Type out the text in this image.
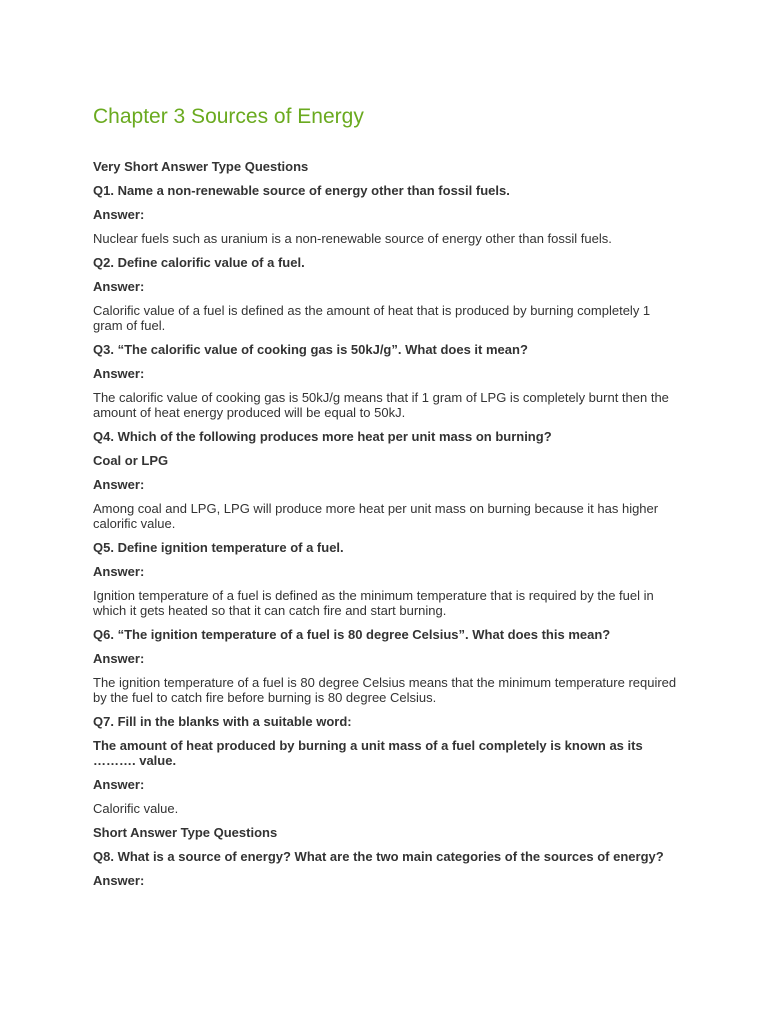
Chapter 3 Sources of Energy

Very Short Answer Type Questions

Q1. Name a non-renewable source of energy other than fossil fuels.

Answer:

Nuclear fuels such as uranium is a non-renewable source of energy other than fossil fuels.

Q2. Define calorific value of a fuel.

Answer:

Calorific value of a fuel is defined as the amount of heat that is produced by burning completely 1 gram of fuel.

Q3. “The calorific value of cooking gas is 50kJ/g”. What does it mean?

Answer:

The calorific value of cooking gas is 50kJ/g means that if 1 gram of LPG is completely burnt then the amount of heat energy produced will be equal to 50kJ.

Q4. Which of the following produces more heat per unit mass on burning?

Coal or LPG

Answer:

Among coal and LPG, LPG will produce more heat per unit mass on burning because it has higher calorific value.

Q5. Define ignition temperature of a fuel.

Answer:

Ignition temperature of a fuel is defined as the minimum temperature that is required by the fuel in which it gets heated so that it can catch fire and start burning.

Q6. “The ignition temperature of a fuel is 80 degree Celsius”. What does this mean?

Answer:

The ignition temperature of a fuel is 80 degree Celsius means that the minimum temperature required by the fuel to catch fire before burning is 80 degree Celsius.

Q7. Fill in the blanks with a suitable word:

The amount of heat produced by burning a unit mass of a fuel completely is known as its ………. value.

Answer:

Calorific value.

Short Answer Type Questions

Q8. What is a source of energy? What are the two main categories of the sources of energy?

Answer:
